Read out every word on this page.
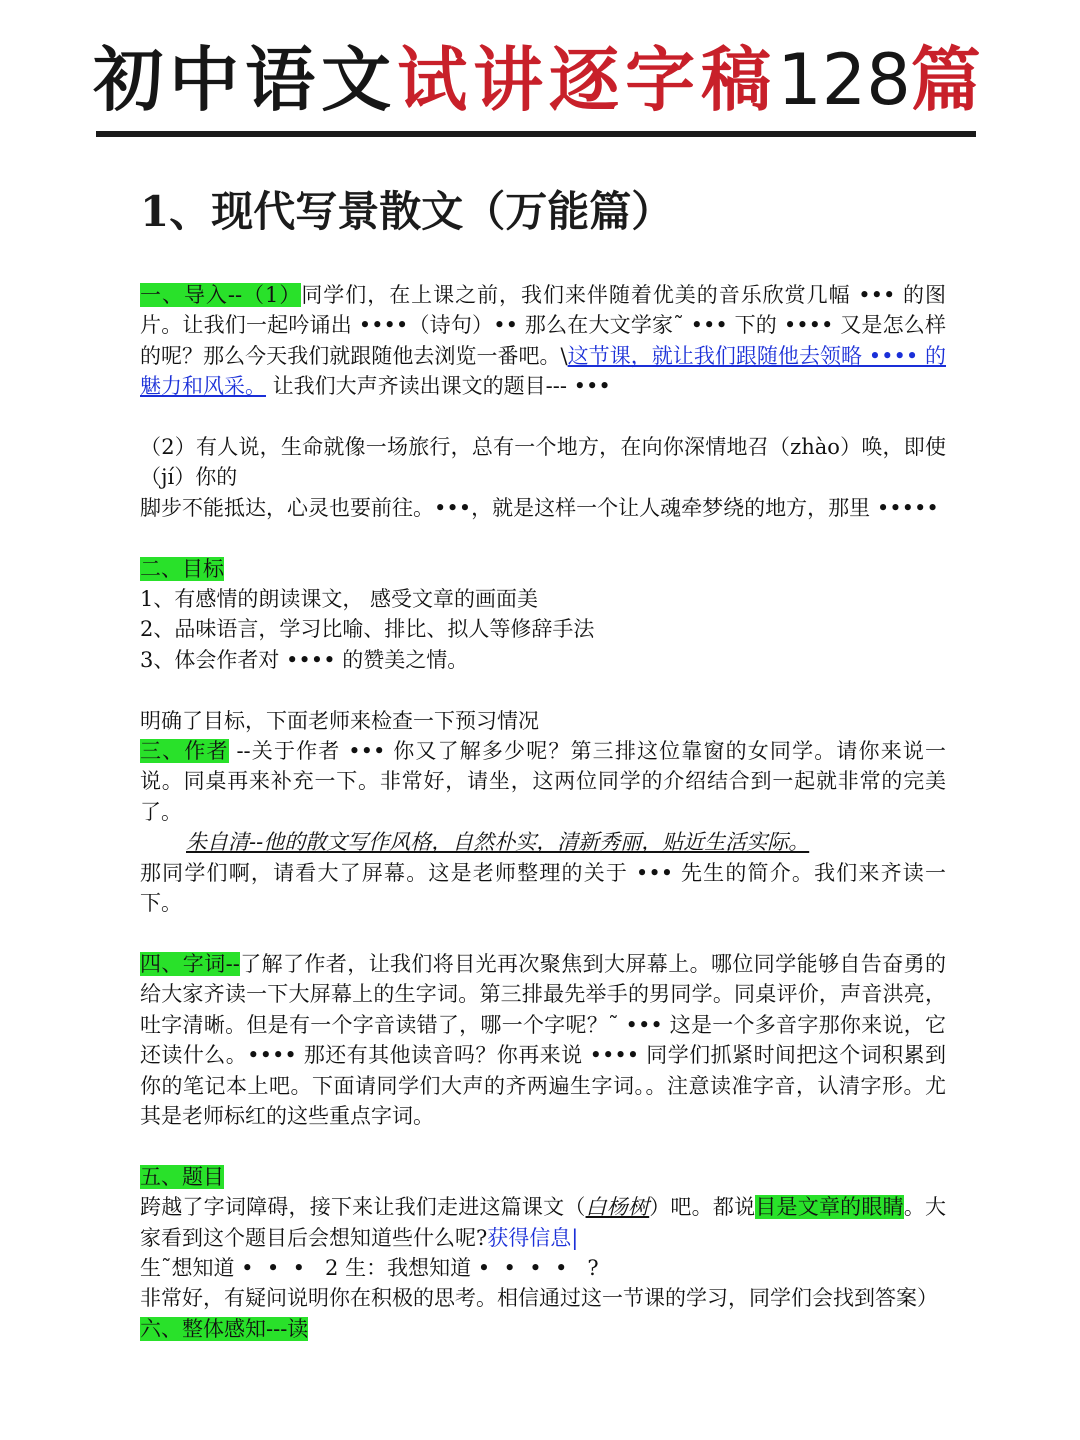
初中语文试讲逐字稿128篇
1、现代写景散文（万能篇）

一、导入--（1）同学们，在上课之前，我们来伴随着优美的音乐欣赏几幅 ••• 的图片。让我们一起吟诵出 ••••（诗句）•• 那么在大文学家˜ ••• 下的 •••• 又是怎么样的呢？那么今天我们就跟随他去浏览一番吧。\这节课，就让我们跟随他去领略 •••• 的魅力和风采。 让我们大声齐读出课文的题目--- •••

（2）有人说，生命就像一场旅行，总有一个地方，在向你深情地召（zhào）唤，即使（jí）你的

脚步不能抵达，心灵也要前往。•••，就是这样一个让人魂牵梦绕的地方，那里 •••••

二、目标

1、有感情的朗读课文， 感受文章的画面美

2、品味语言，学习比喻、排比、拟人等修辞手法

3、体会作者对 •••• 的赞美之情。

明确了目标，下面老师来检查一下预习情况

三、作者 --关于作者 ••• 你又了解多少呢？第三排这位靠窗的女同学。请你来说一说。同桌再来补充一下。非常好，请坐，这两位同学的介绍结合到一起就非常的完美了。

朱自清--他的散文写作风格，自然朴实，清新秀丽，贴近生活实际。

那同学们啊，请看大了屏幕。这是老师整理的关于 ••• 先生的简介。我们来齐读一下。

四、字词--了解了作者，让我们将目光再次聚焦到大屏幕上。哪位同学能够自告奋勇的给大家齐读一下大屏幕上的生字词。第三排最先举手的男同学。同桌评价，声音洪亮，吐字清晰。但是有一个字音读错了，哪一个字呢？˜ ••• 这是一个多音字那你来说，它还读什么。•••• 那还有其他读音吗？你再来说 •••• 同学们抓紧时间把这个词积累到你的笔记本上吧。下面请同学们大声的齐两遍生字词。。注意读准字音，认清字形。尤其是老师标红的这些重点字词。

五、题目

跨越了字词障碍，接下来让我们走进这篇课文（白杨树）吧。都说目是文章的眼睛。大家看到这个题目后会想知道些什么呢?获得信息|

生˜想知道 •  •  •   2 生：我想知道 •  •  •  •   ?

非常好，有疑问说明你在积极的思考。相信通过这一节课的学习，同学们会找到答案）

六、整体感知---读
